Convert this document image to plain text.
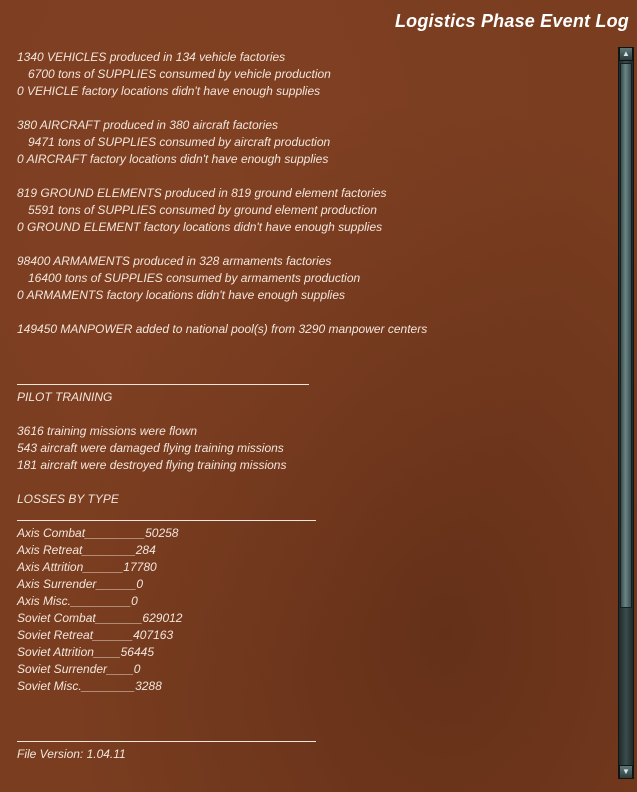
Logistics Phase Event Log
1340 VEHICLES produced in 134 vehicle factories
6700 tons of SUPPLIES consumed by vehicle production
0 VEHICLE factory locations didn't have enough supplies
380 AIRCRAFT produced in 380 aircraft factories
9471 tons of SUPPLIES consumed by aircraft production
0 AIRCRAFT factory locations didn't have enough supplies
819 GROUND ELEMENTS produced in 819 ground element factories
5591 tons of SUPPLIES consumed by ground element production
0 GROUND ELEMENT factory locations didn't have enough supplies
98400 ARMAMENTS produced in 328 armaments factories
16400 tons of SUPPLIES consumed by armaments production
0 ARMAMENTS factory locations didn't have enough supplies
149450 MANPOWER added to national pool(s) from 3290 manpower centers
PILOT TRAINING
3616 training missions were flown
543 aircraft were damaged flying training missions
181 aircraft were destroyed flying training missions
LOSSES BY TYPE
Axis Combat_________50258
Axis Retreat________284
Axis Attrition______17780
Axis Surrender______0
Axis Misc._________0
Soviet Combat_______629012
Soviet Retreat______407163
Soviet Attrition____56445
Soviet Surrender____0
Soviet Misc.________3288
File Version: 1.04.11
▲
▼
